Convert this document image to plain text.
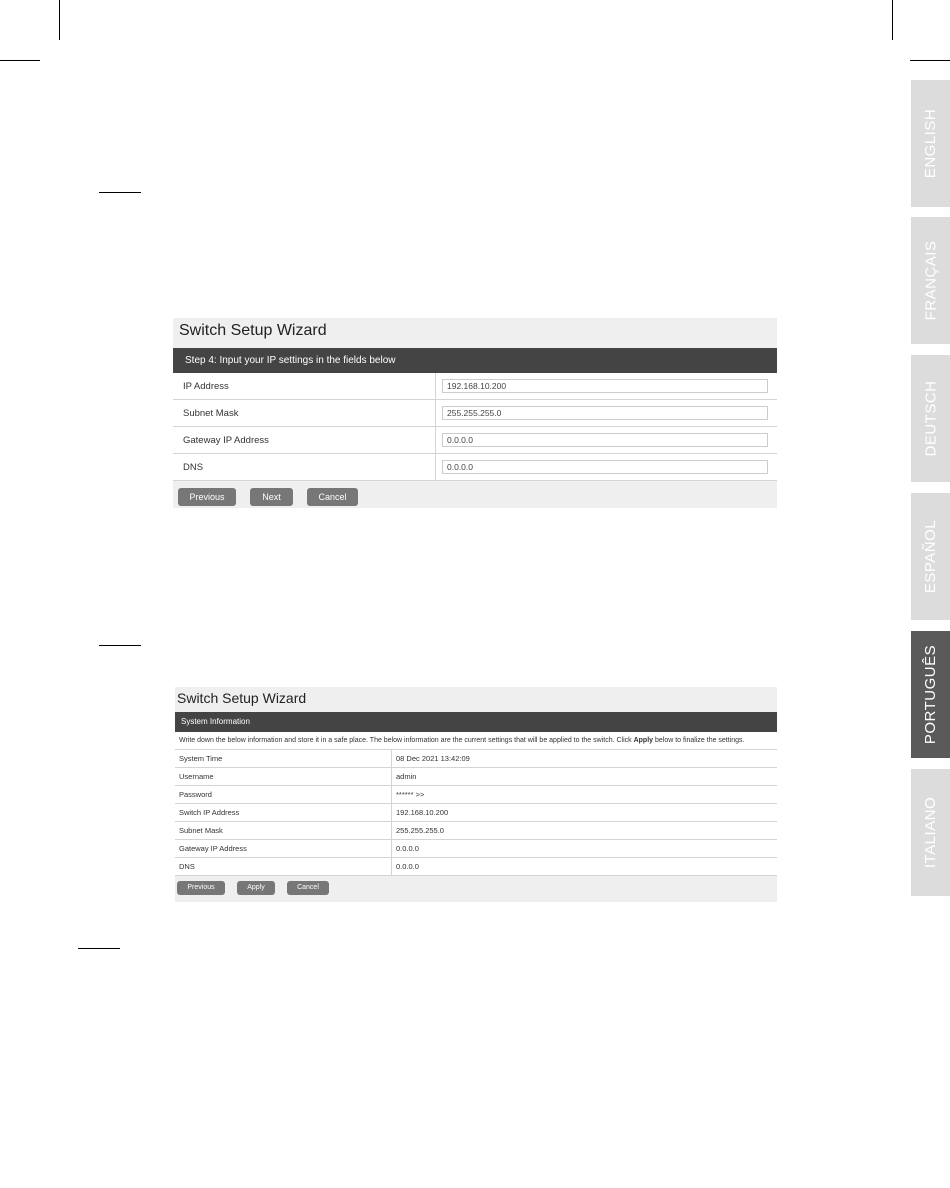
ENGLISH
FRANÇAIS
DEUTSCH
ESPAÑOL
PORTUGUÊS
ITALIANO
Switch Setup Wizard
Step 4: Input your IP settings in the fields below
IP Address	192.168.10.200

Subnet Mask	255.255.255.0

Gateway IP Address	0.0.0.0

DNS	0.0.0.0
Previous	Next	Cancel
Switch Setup Wizard
System Information
Write down the below information and store it in a safe place. The below information are the current settings that will be applied to the switch. Click Apply below to finalize the settings.
System Time	08 Dec 2021 13:42:09
Username	admin
Password	****** >>
Switch IP Address	192.168.10.200
Subnet Mask	255.255.255.0
Gateway IP Address	0.0.0.0
DNS	0.0.0.0
Previous	Apply	Cancel
